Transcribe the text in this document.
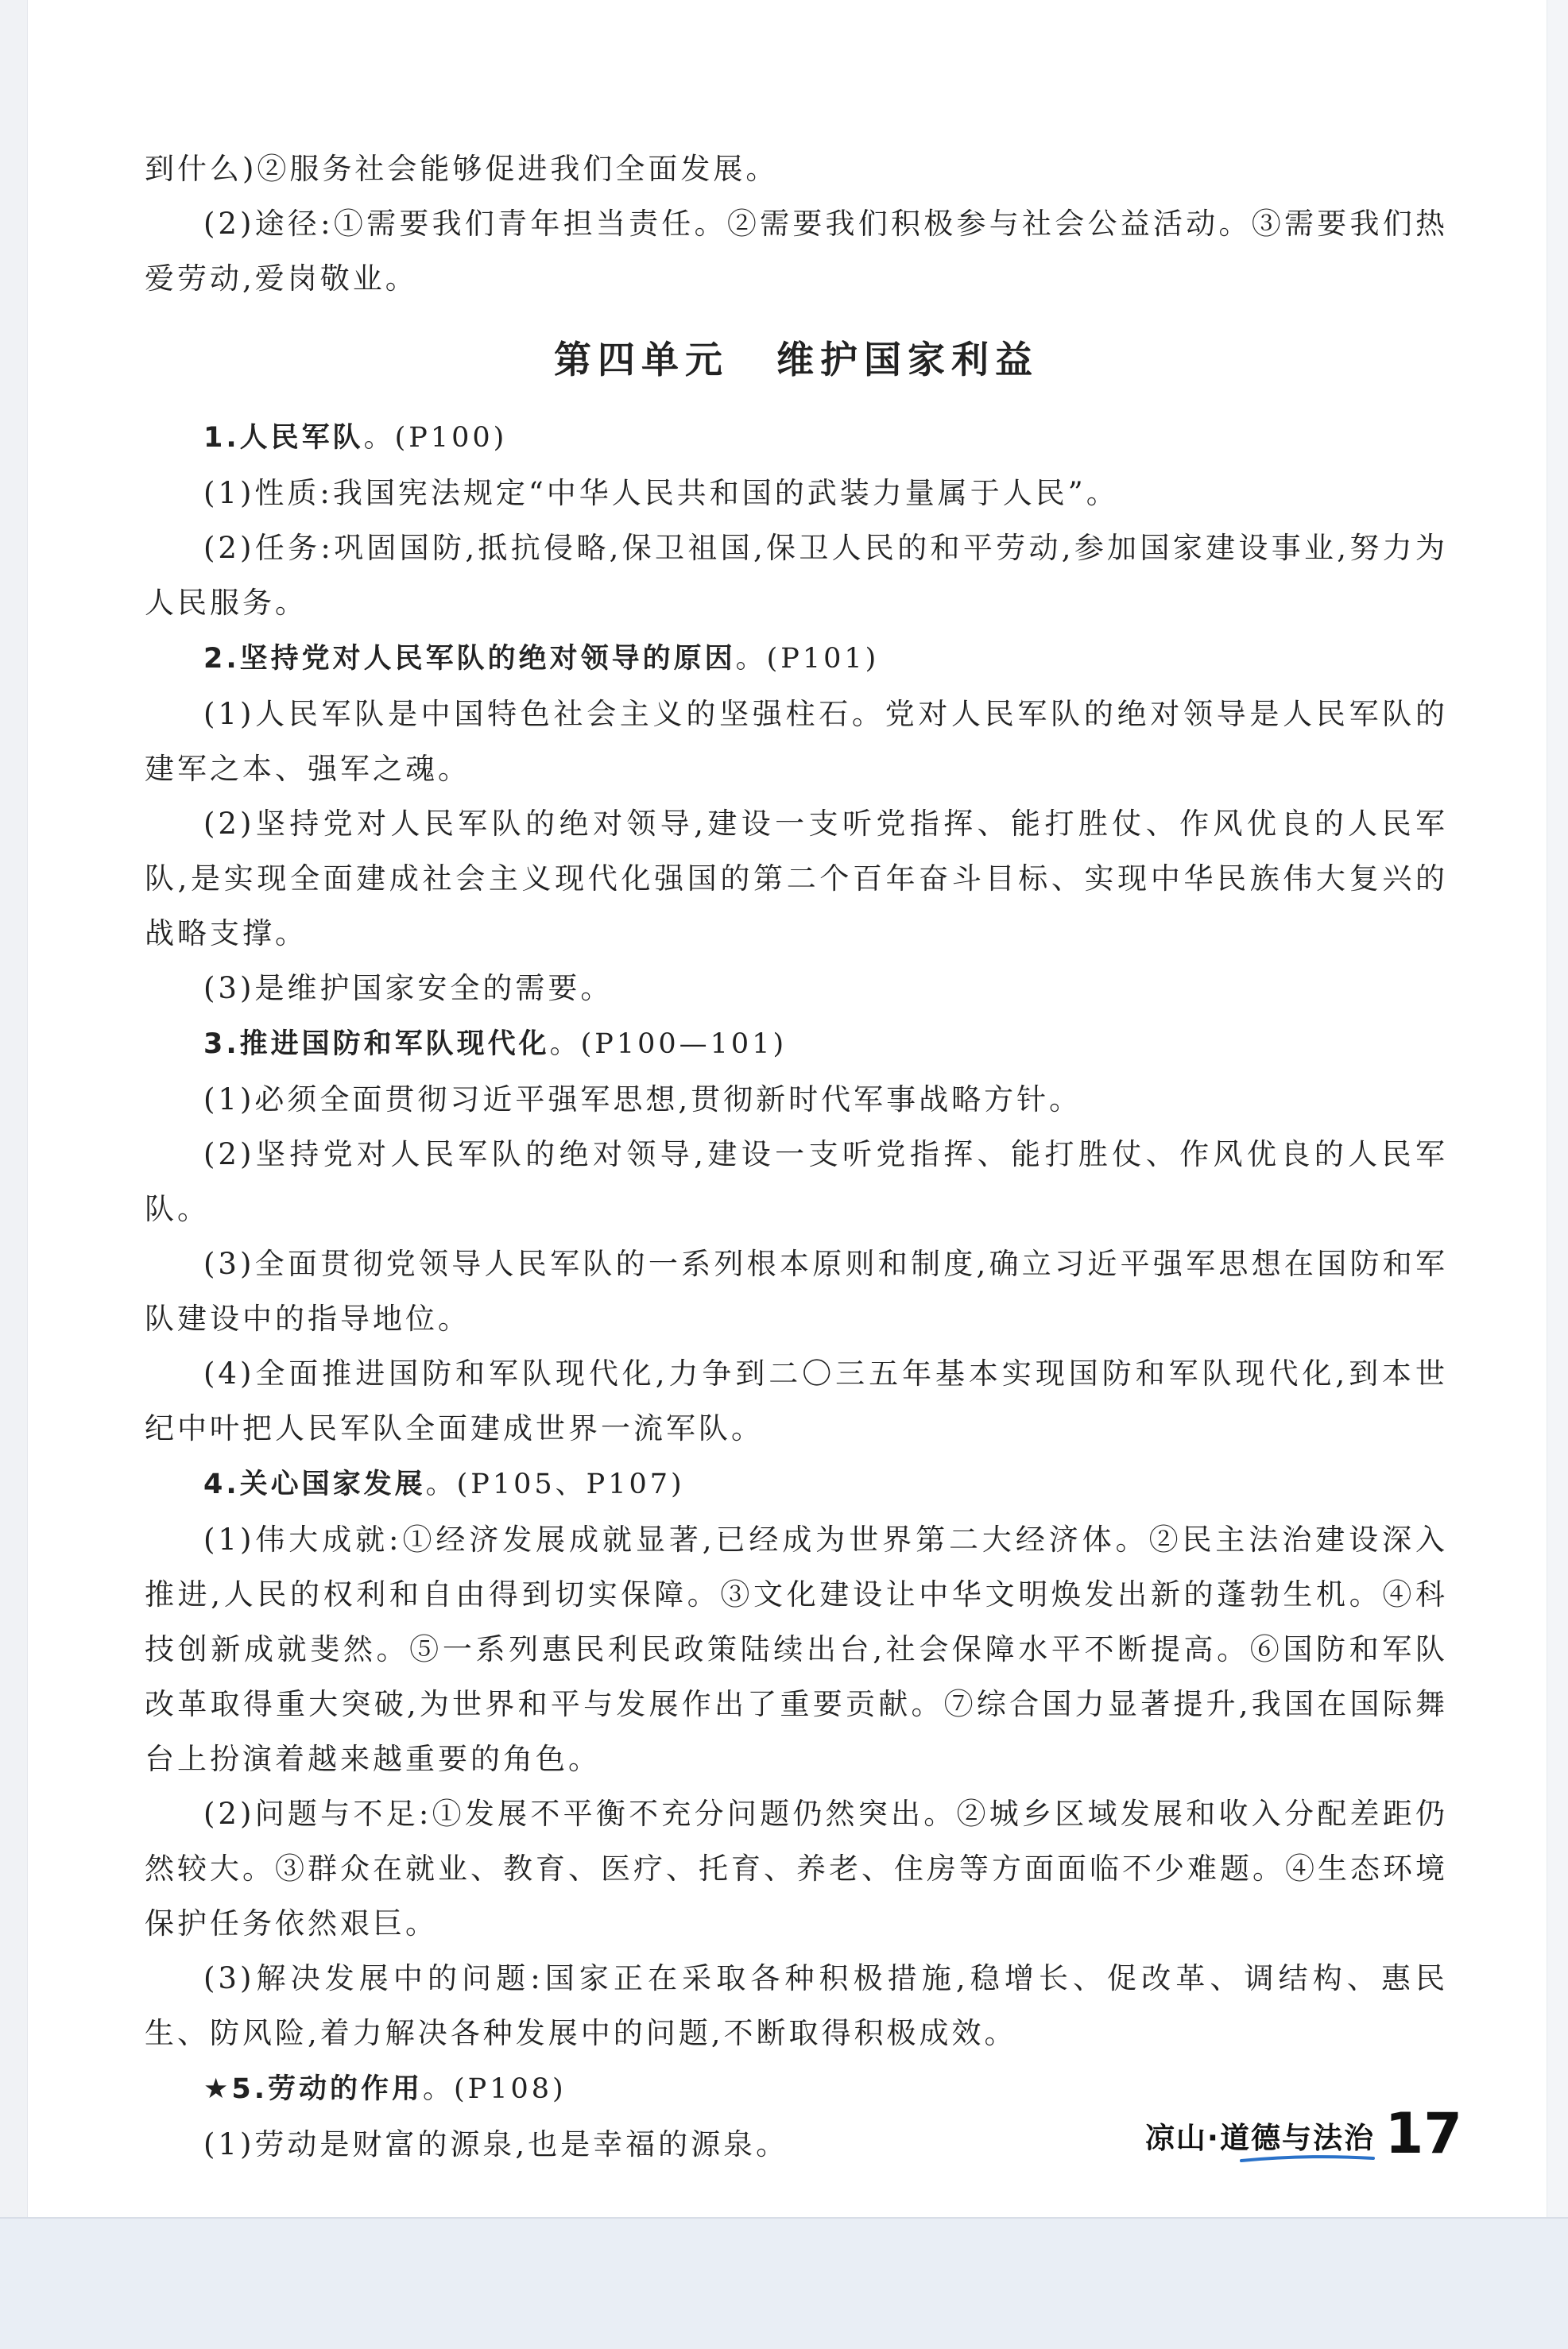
到什么)②服务社会能够促进我们全面发展。

(2)途径:①需要我们青年担当责任。②需要我们积极参与社会公益活动。③需要我们热爱劳动,爱岗敬业。

第四单元 维护国家利益

1.人民军队。(P100)

(1)性质:我国宪法规定“中华人民共和国的武装力量属于人民”。

(2)任务:巩固国防,抵抗侵略,保卫祖国,保卫人民的和平劳动,参加国家建设事业,努力为人民服务。

2.坚持党对人民军队的绝对领导的原因。(P101)

(1)人民军队是中国特色社会主义的坚强柱石。党对人民军队的绝对领导是人民军队的建军之本、强军之魂。

(2)坚持党对人民军队的绝对领导,建设一支听党指挥、能打胜仗、作风优良的人民军队,是实现全面建成社会主义现代化强国的第二个百年奋斗目标、实现中华民族伟大复兴的战略支撑。

(3)是维护国家安全的需要。

3.推进国防和军队现代化。(P100—101)

(1)必须全面贯彻习近平强军思想,贯彻新时代军事战略方针。

(2)坚持党对人民军队的绝对领导,建设一支听党指挥、能打胜仗、作风优良的人民军队。

(3)全面贯彻党领导人民军队的一系列根本原则和制度,确立习近平强军思想在国防和军队建设中的指导地位。

(4)全面推进国防和军队现代化,力争到二〇三五年基本实现国防和军队现代化,到本世纪中叶把人民军队全面建成世界一流军队。

4.关心国家发展。(P105、P107)

(1)伟大成就:①经济发展成就显著,已经成为世界第二大经济体。②民主法治建设深入推进,人民的权利和自由得到切实保障。③文化建设让中华文明焕发出新的蓬勃生机。④科技创新成就斐然。⑤一系列惠民利民政策陆续出台,社会保障水平不断提高。⑥国防和军队改革取得重大突破,为世界和平与发展作出了重要贡献。⑦综合国力显著提升,我国在国际舞台上扮演着越来越重要的角色。

(2)问题与不足:①发展不平衡不充分问题仍然突出。②城乡区域发展和收入分配差距仍然较大。③群众在就业、教育、医疗、托育、养老、住房等方面面临不少难题。④生态环境保护任务依然艰巨。

(3)解决发展中的问题:国家正在采取各种积极措施,稳增长、促改革、调结构、惠民生、防风险,着力解决各种发展中的问题,不断取得积极成效。

★5.劳动的作用。(P108)

(1)劳动是财富的源泉,也是幸福的源泉。	凉山·道德与法治 17
